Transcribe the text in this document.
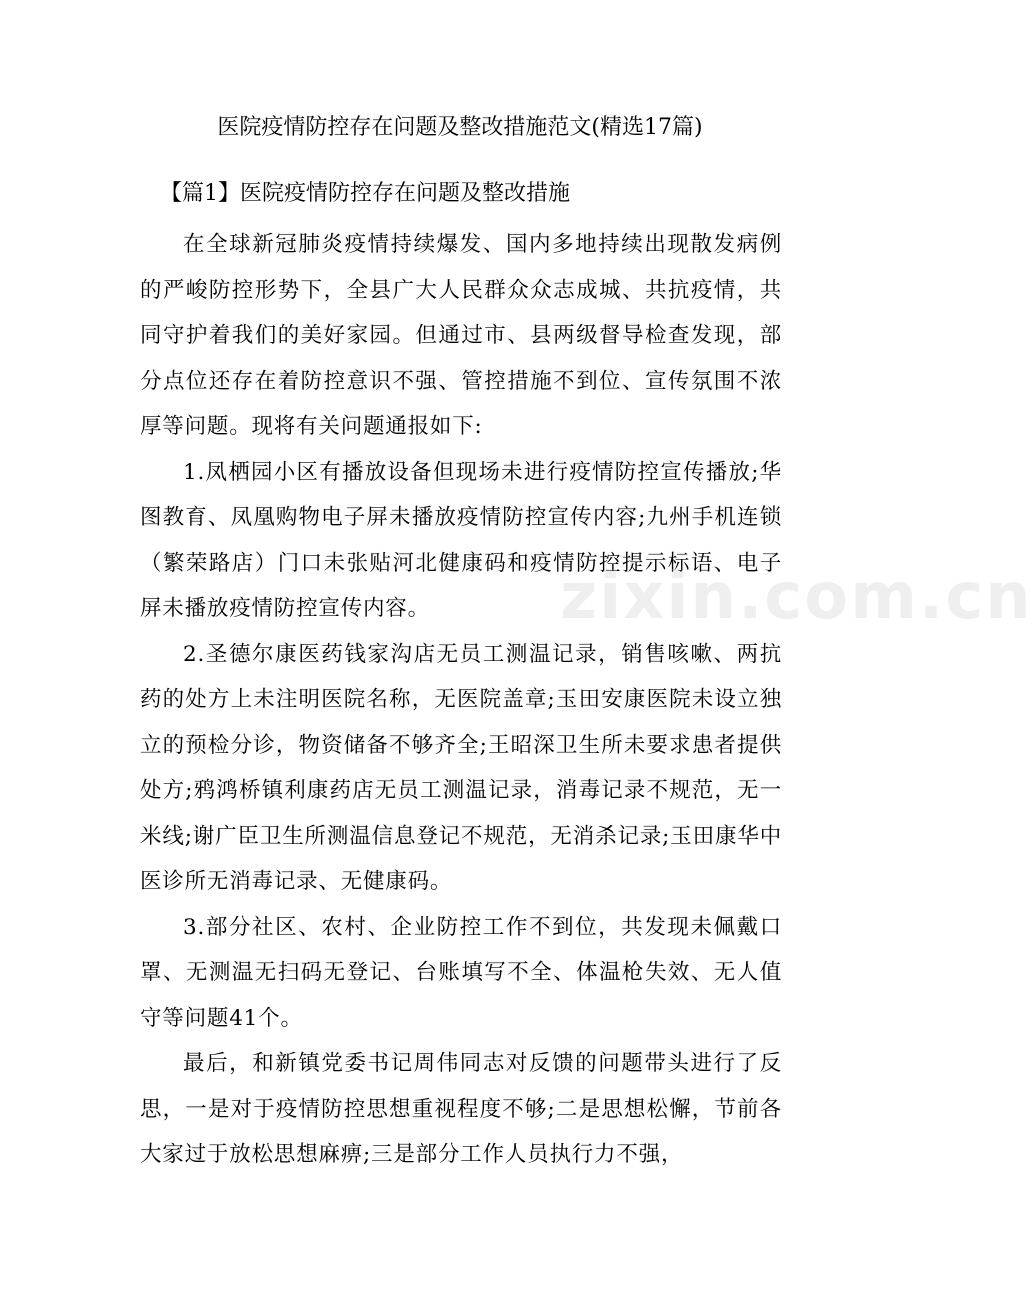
医院疫情防控存在问题及整改措施范文(精选17篇)
【篇1】医院疫情防控存在问题及整改措施

在全球新冠肺炎疫情持续爆发、国内多地持续出现散发病例的严峻防控形势下，全县广大人民群众众志成城、共抗疫情，共同守护着我们的美好家园。但通过市、县两级督导检查发现，部分点位还存在着防控意识不强、管控措施不到位、宣传氛围不浓厚等问题。现将有关问题通报如下:

1.凤栖园小区有播放设备但现场未进行疫情防控宣传播放;华图教育、凤凰购物电子屏未播放疫情防控宣传内容;九州手机连锁（繁荣路店）门口未张贴河北健康码和疫情防控提示标语、电子屏未播放疫情防控宣传内容。

2.圣德尔康医药钱家沟店无员工测温记录，销售咳嗽、两抗药的处方上未注明医院名称，无医院盖章;玉田安康医院未设立独立的预检分诊，物资储备不够齐全;王昭深卫生所未要求患者提供处方;鸦鸿桥镇利康药店无员工测温记录，消毒记录不规范，无一米线;谢广臣卫生所测温信息登记不规范，无消杀记录;玉田康华中医诊所无消毒记录、无健康码。

3.部分社区、农村、企业防控工作不到位，共发现未佩戴口罩、无测温无扫码无登记、台账填写不全、体温枪失效、无人值守等问题41个。

最后，和新镇党委书记周伟同志对反馈的问题带头进行了反思，一是对于疫情防控思想重视程度不够;二是思想松懈，节前各大家过于放松思想麻痹;三是部分工作人员执行力不强，

zixin.com.cn
